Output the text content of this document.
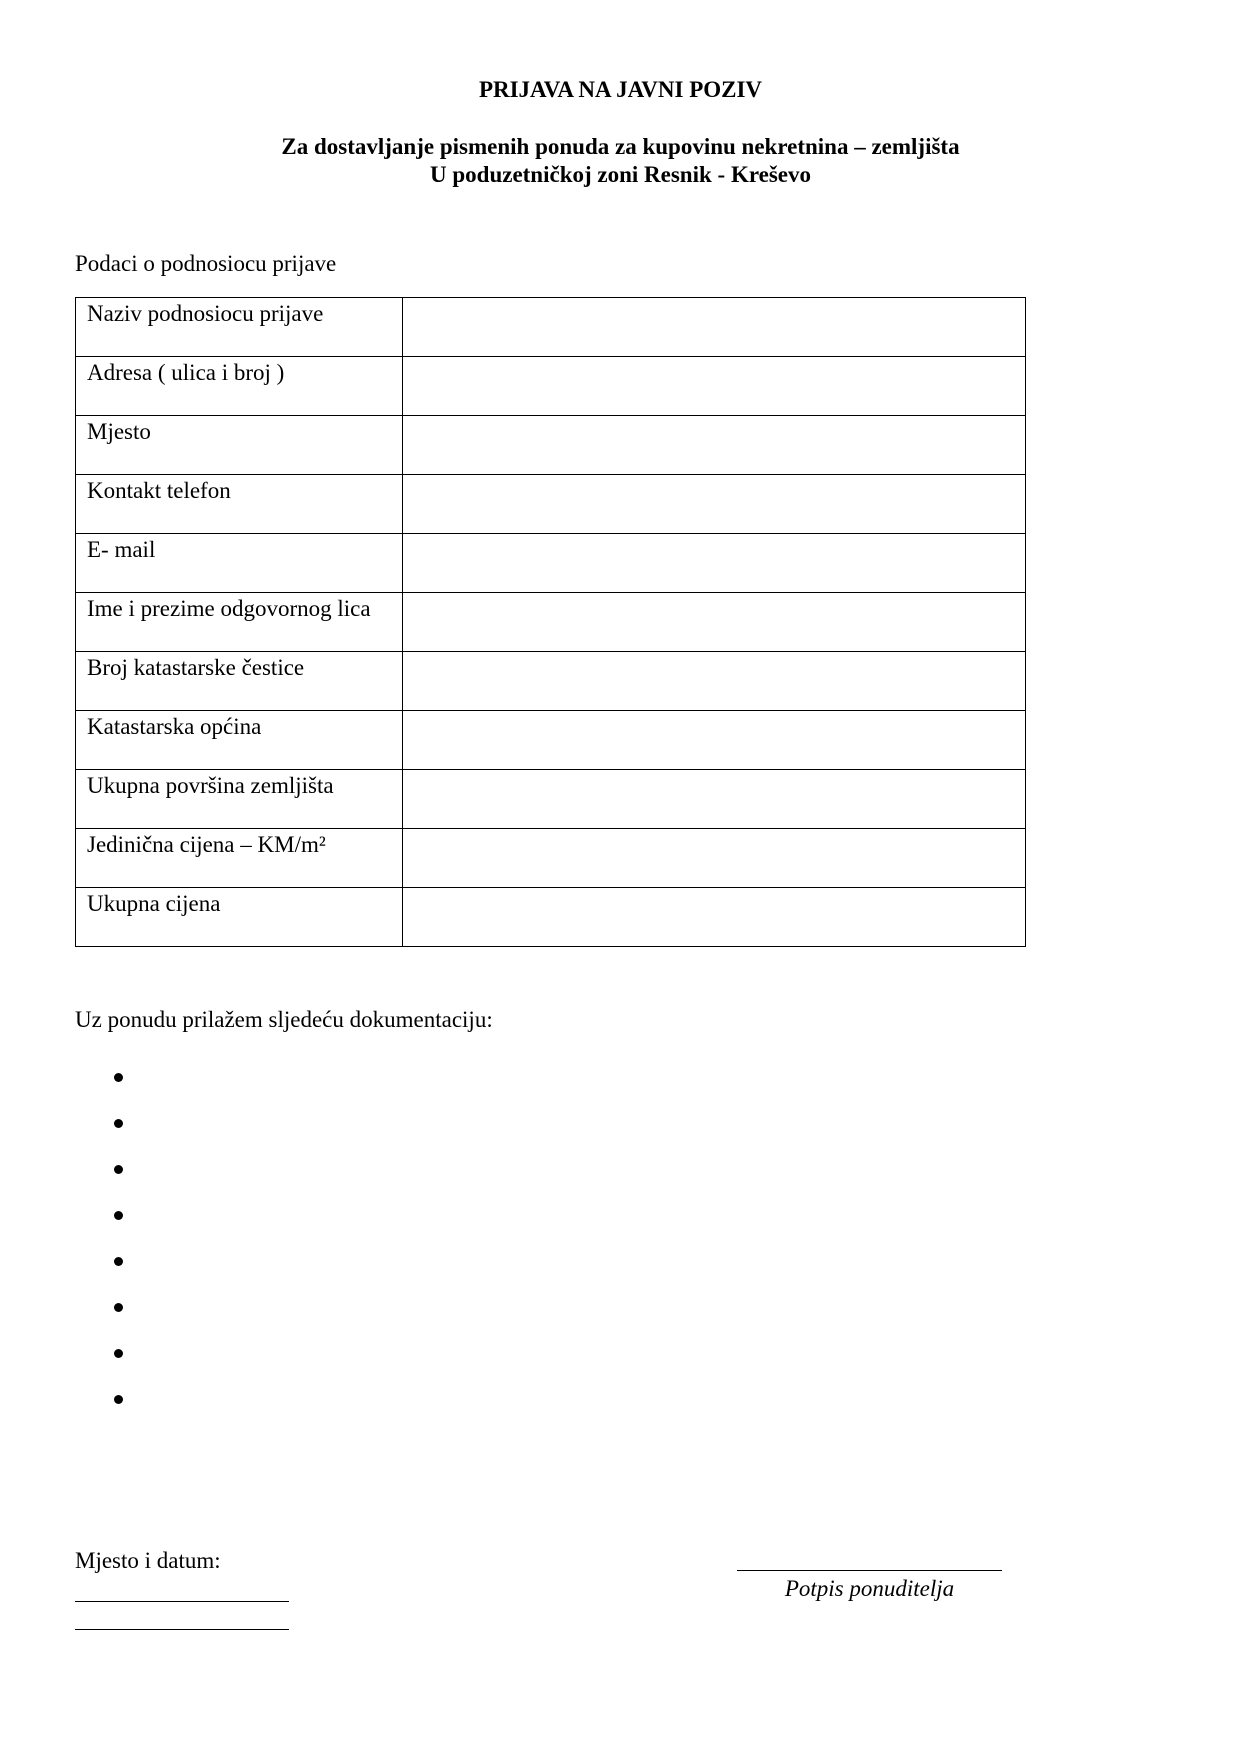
PRIJAVA NA JAVNI POZIV
Za dostavljanje pismenih ponuda za kupovinu nekretnina – zemljišta
U poduzetničkoj zoni Resnik - Kreševo
Podaci o podnosiocu prijave
Naziv podnosiocu prijave	

Adresa ( ulica i broj )	

Mjesto	

Kontakt telefon	

E- mail	

Ime i prezime odgovornog lica	

Broj katastarske čestice	

Katastarska općina	

Ukupna površina zemljišta	

Jedinična cijena – KM/m²	

Ukupna cijena	

Uz ponudu prilažem sljedeću dokumentaciju:
Mjesto i datum:
Potpis ponuditelja
